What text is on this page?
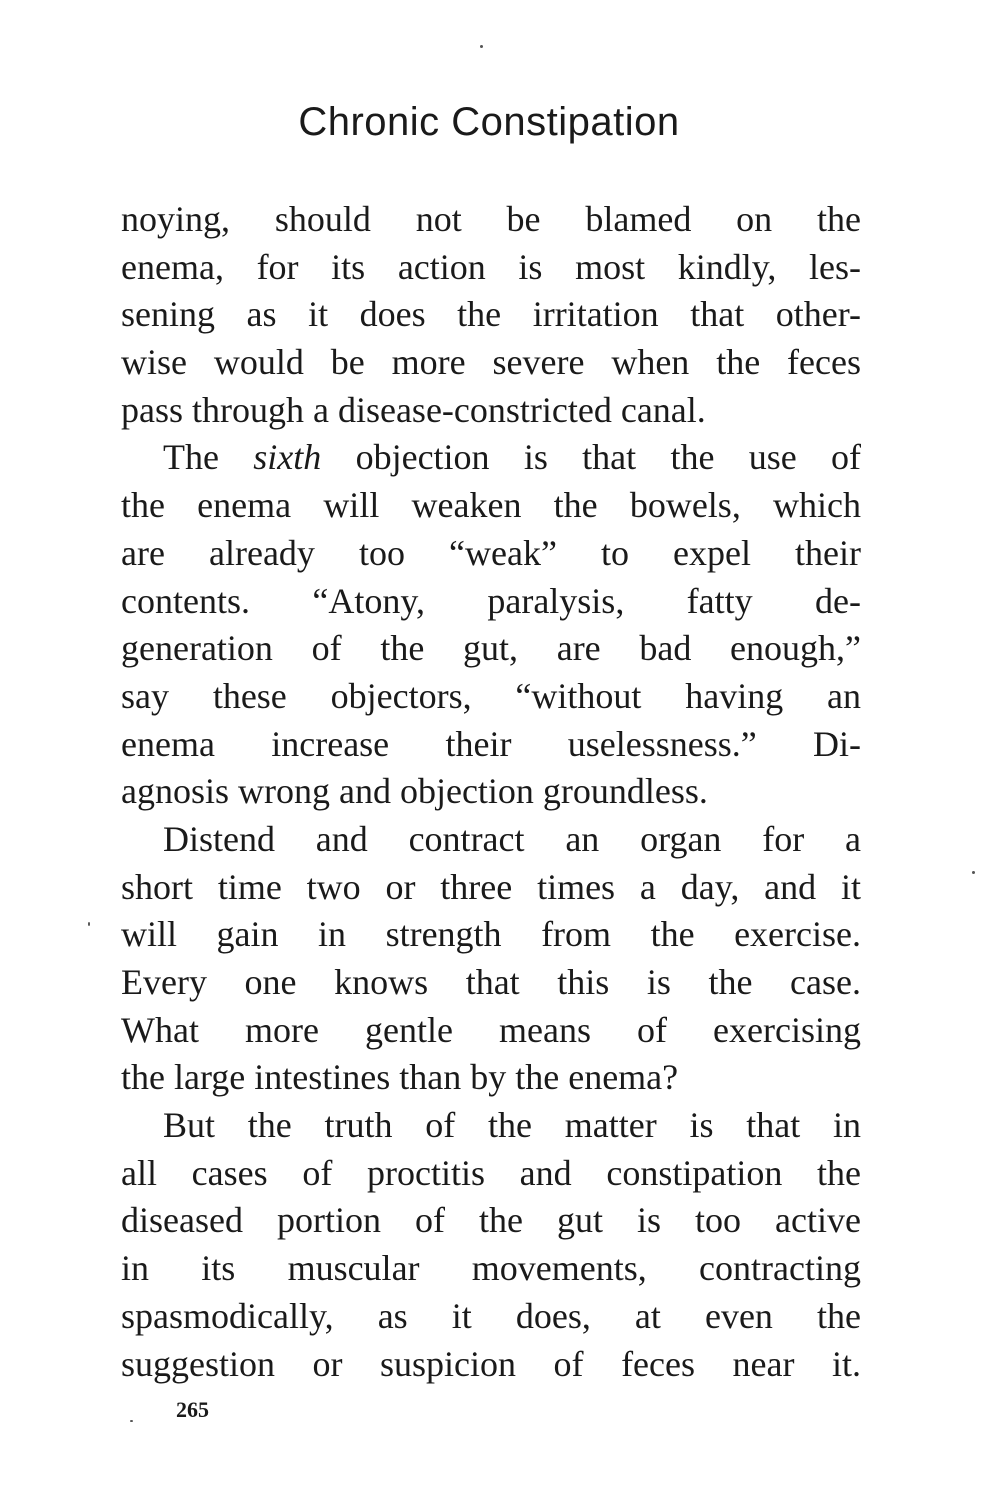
Chronic Constipation
noying, should not be blamed on the
enema, for its action is most kindly, les-
sening as it does the irritation that other-
wise would be more severe when the feces
pass through a disease-constricted canal.
The sixth objection is that the use of
the enema will weaken the bowels, which
are already too “weak” to expel their
contents. “Atony, paralysis, fatty de-
generation of the gut, are bad enough,”
say these objectors, “without having an
enema increase their uselessness.” Di-
agnosis wrong and objection groundless.
Distend and contract an organ for a
short time two or three times a day, and it
will gain in strength from the exercise.
Every one knows that this is the case.
What more gentle means of exercising
the large intestines than by the enema?
But the truth of the matter is that in
all cases of proctitis and constipation the
diseased portion of the gut is too active
in its muscular movements, contracting
spasmodically, as it does, at even the
suggestion or suspicion of feces near it.
265
